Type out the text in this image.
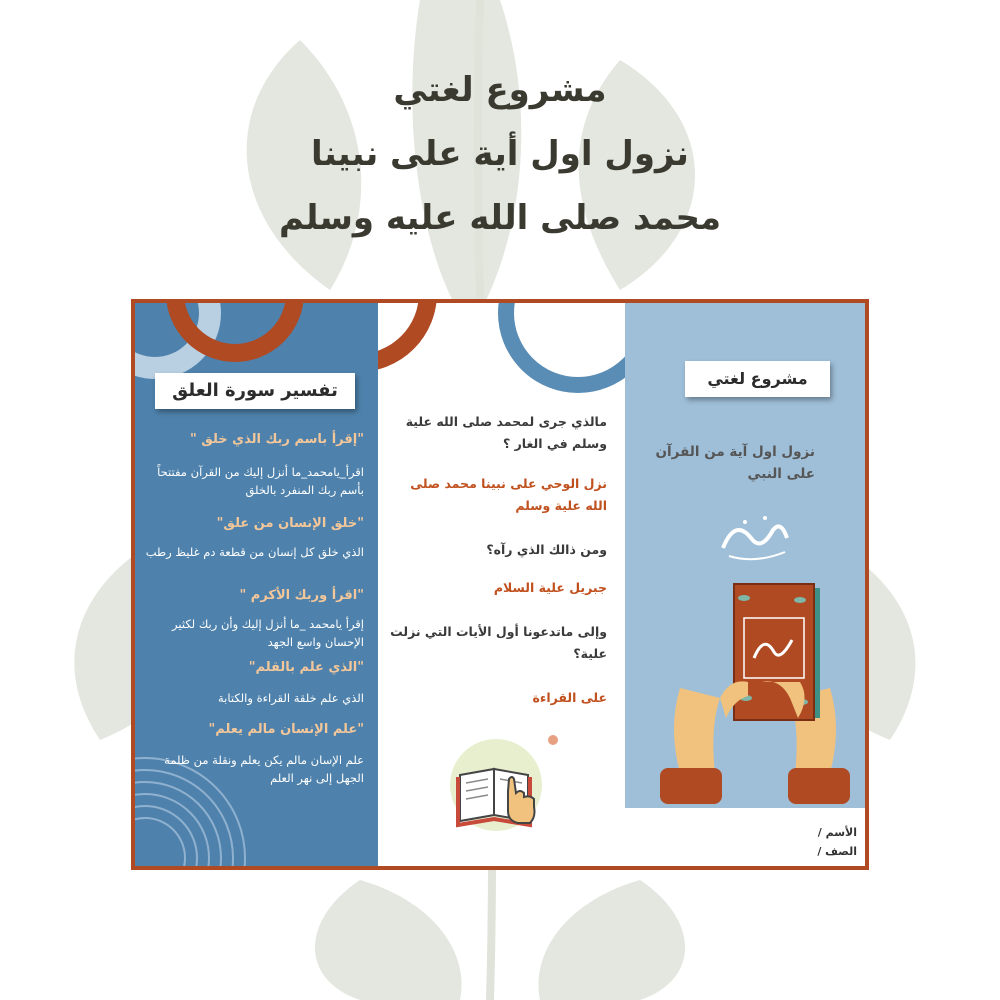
مشروع لغتي
نزول اول أية على نبينا
محمد صلى الله عليه وسلم
تفسير سورة العلق
"إقرأ باسم ربك الذي خلق "
اقرأ_يامحمد_ما أنزل إليك من القرآن مفتتحاً بأسم ربك المنفرد بالخلق
"خلق الإنسان من علق"
الذي خلق كل إنسان من قطعة دم غليظ رطب
"اقرأ وربك الأكرم "
إقرأ يامحمد _ما أنزل إليك وأن ربك لكثير الإحسان واسع الجهد
"الذي علم بالقلم"
الذي علم خلقة القراءة والكتابة
"علم الإنسان مالم يعلم"
علم الإسان مالم يكن يعلم ونقلة من ظلمة الجهل إلى نهر العلم
مالذي جرى لمحمد صلى الله علية وسلم في الغار ؟
نزل الوحي على نبينا محمد صلى الله علية وسلم
ومن ذالك الذي رآه؟
جبريل علية السلام
وإلى ماتدعونا أول الأيات التي نزلت علية؟
على القراءة
مشروع لغتي
نزول اول آية من القرآن على النبي
الأسم /
الصف /
